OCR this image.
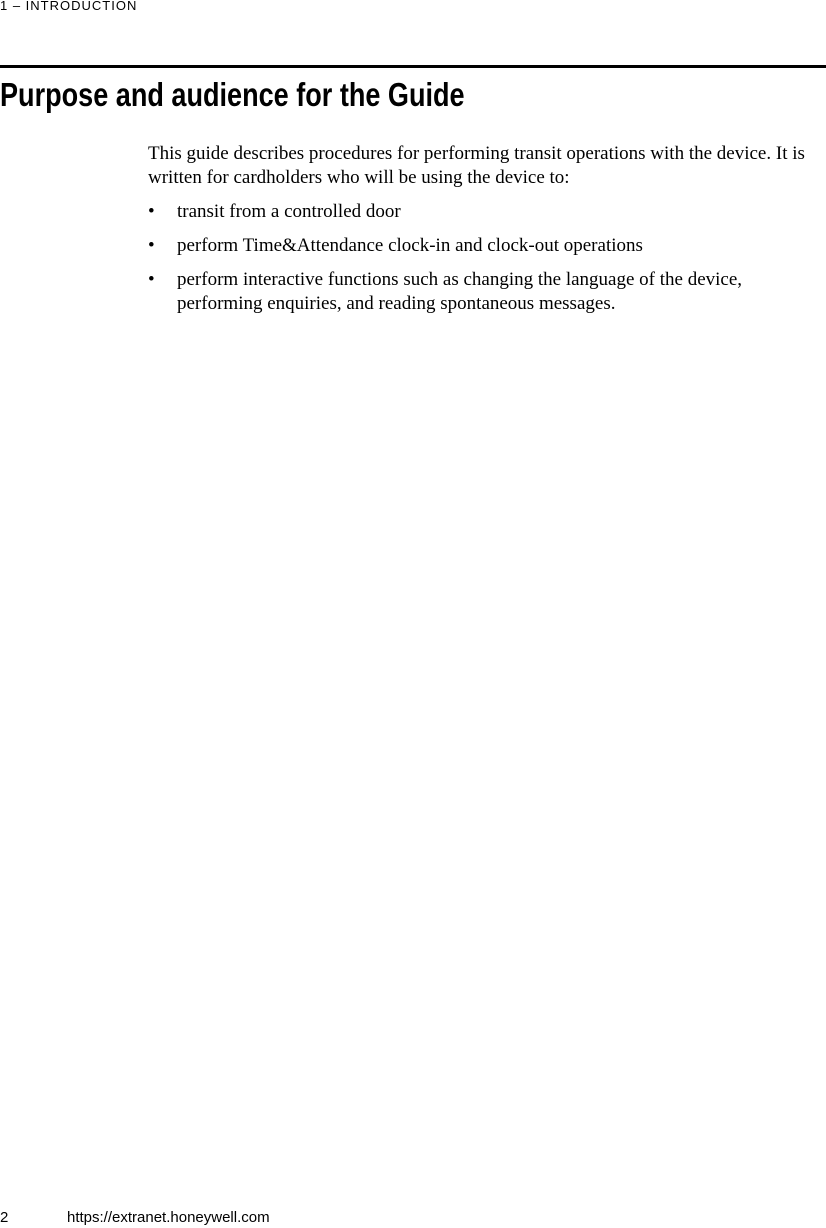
1 – INTRODUCTION
Purpose and audience for the Guide

This guide describes procedures for performing transit operations with the device. It is written for cardholders who will be using the device to:

• transit from a controlled door
• perform Time&Attendance clock-in and clock-out operations
• perform interactive functions such as changing the language of the device, performing enquiries, and reading spontaneous messages.
2	https://extranet.honeywell.com
